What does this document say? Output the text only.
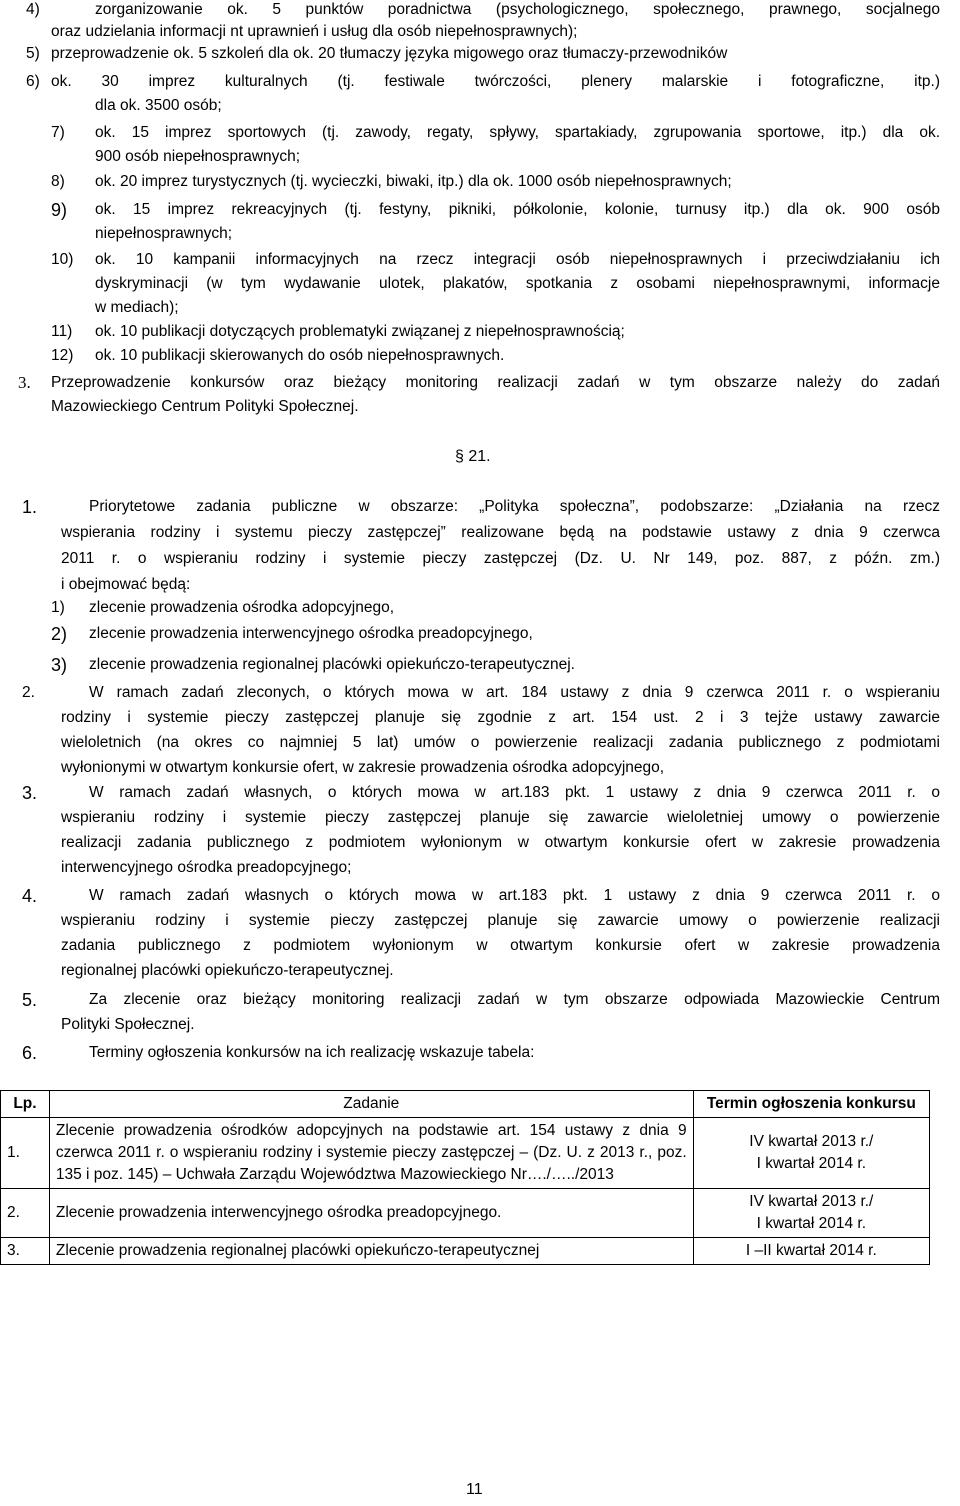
4)	zorganizowanie ok. 5 punktów poradnictwa (psychologicznego, społecznego, prawnego, socjalnego
oraz udzielania informacji nt uprawnień i usług dla osób niepełnosprawnych);
5) przeprowadzenie ok. 5 szkoleń dla ok. 20 tłumaczy języka migowego oraz tłumaczy-przewodników
6) ok. 30 imprez kulturalnych (tj. festiwale twórczości, plenery malarskie i fotograficzne, itp.)
dla ok. 3500 osób;
7) ok. 15 imprez sportowych (tj. zawody, regaty, spływy, spartakiady, zgrupowania sportowe, itp.) dla ok.
900 osób niepełnosprawnych;
8) ok. 20 imprez turystycznych (tj. wycieczki, biwaki, itp.) dla ok. 1000 osób niepełnosprawnych;
9) ok. 15 imprez rekreacyjnych (tj. festyny, pikniki, półkolonie, kolonie, turnusy itp.) dla ok. 900 osób
niepełnosprawnych;
10) ok. 10 kampanii informacyjnych na rzecz integracji osób niepełnosprawnych i przeciwdziałaniu ich
dyskryminacji (w tym wydawanie ulotek, plakatów, spotkania z osobami niepełnosprawnymi, informacje
w mediach);
11) ok. 10 publikacji dotyczących problematyki związanej z niepełnosprawnością;
12) ok. 10 publikacji skierowanych do osób niepełnosprawnych.
3. Przeprowadzenie konkursów oraz bieżący monitoring realizacji zadań w tym obszarze należy do zadań
Mazowieckiego Centrum Polityki Społecznej.
§ 21.
1.	Priorytetowe zadania publiczne w obszarze: „Polityka społeczna”, podobszarze: „Działania na rzecz
wspierania rodziny i systemu pieczy zastępczej” realizowane będą na podstawie ustawy z dnia 9 czerwca
2011 r. o wspieraniu rodziny i systemie pieczy zastępczej (Dz. U. Nr 149, poz. 887, z późn. zm.)
i obejmować będą:
1) zlecenie prowadzenia ośrodka adopcyjnego,
2) zlecenie prowadzenia interwencyjnego ośrodka preadopcyjnego,
3) zlecenie prowadzenia regionalnej placówki opiekuńczo-terapeutycznej.
2.	W ramach zadań zleconych, o których mowa w art. 184 ustawy z dnia 9 czerwca 2011 r. o wspieraniu
rodziny i systemie pieczy zastępczej planuje się zgodnie z art. 154 ust. 2 i 3 tejże ustawy zawarcie
wieloletnich (na okres co najmniej 5 lat) umów o powierzenie realizacji zadania publicznego z podmiotami
wyłonionymi w otwartym konkursie ofert, w zakresie prowadzenia ośrodka adopcyjnego,
3.	W ramach zadań własnych, o których mowa w art.183 pkt. 1 ustawy z dnia 9 czerwca 2011 r. o
wspieraniu rodziny i systemie pieczy zastępczej planuje się zawarcie wieloletniej umowy o powierzenie
realizacji zadania publicznego z podmiotem wyłonionym w otwartym konkursie ofert w zakresie prowadzenia
interwencyjnego ośrodka preadopcyjnego;
4.	W ramach zadań własnych o których mowa w art.183 pkt. 1 ustawy z dnia 9 czerwca 2011 r. o
wspieraniu rodziny i systemie pieczy zastępczej planuje się zawarcie umowy o powierzenie realizacji
zadania publicznego z podmiotem wyłonionym w otwartym konkursie ofert w zakresie prowadzenia
regionalnej placówki opiekuńczo-terapeutycznej.
5.	Za zlecenie oraz bieżący monitoring realizacji zadań w tym obszarze odpowiada Mazowieckie Centrum
Polityki Społecznej.
6.	Terminy ogłoszenia konkursów na ich realizację wskazuje tabela:
Lp.	Zadanie	Termin ogłoszenia konkursu
1.	Zlecenie prowadzenia ośrodków adopcyjnych na podstawie art. 154 ustawy z dnia 9 czerwca 2011 r. o wspieraniu rodziny i systemie pieczy zastępczej – (Dz. U. z 2013 r., poz. 135 i poz. 145) – Uchwała Zarządu Województwa Mazowieckiego Nr…./…../2013	IV kwartał 2013 r./
I kwartał 2014 r.

2.	Zlecenie prowadzenia interwencyjnego ośrodka preadopcyjnego.	IV kwartał 2013 r./
I kwartał 2014 r.

3.	Zlecenie prowadzenia regionalnej placówki opiekuńczo-terapeutycznej	I –II kwartał 2014 r.
11
